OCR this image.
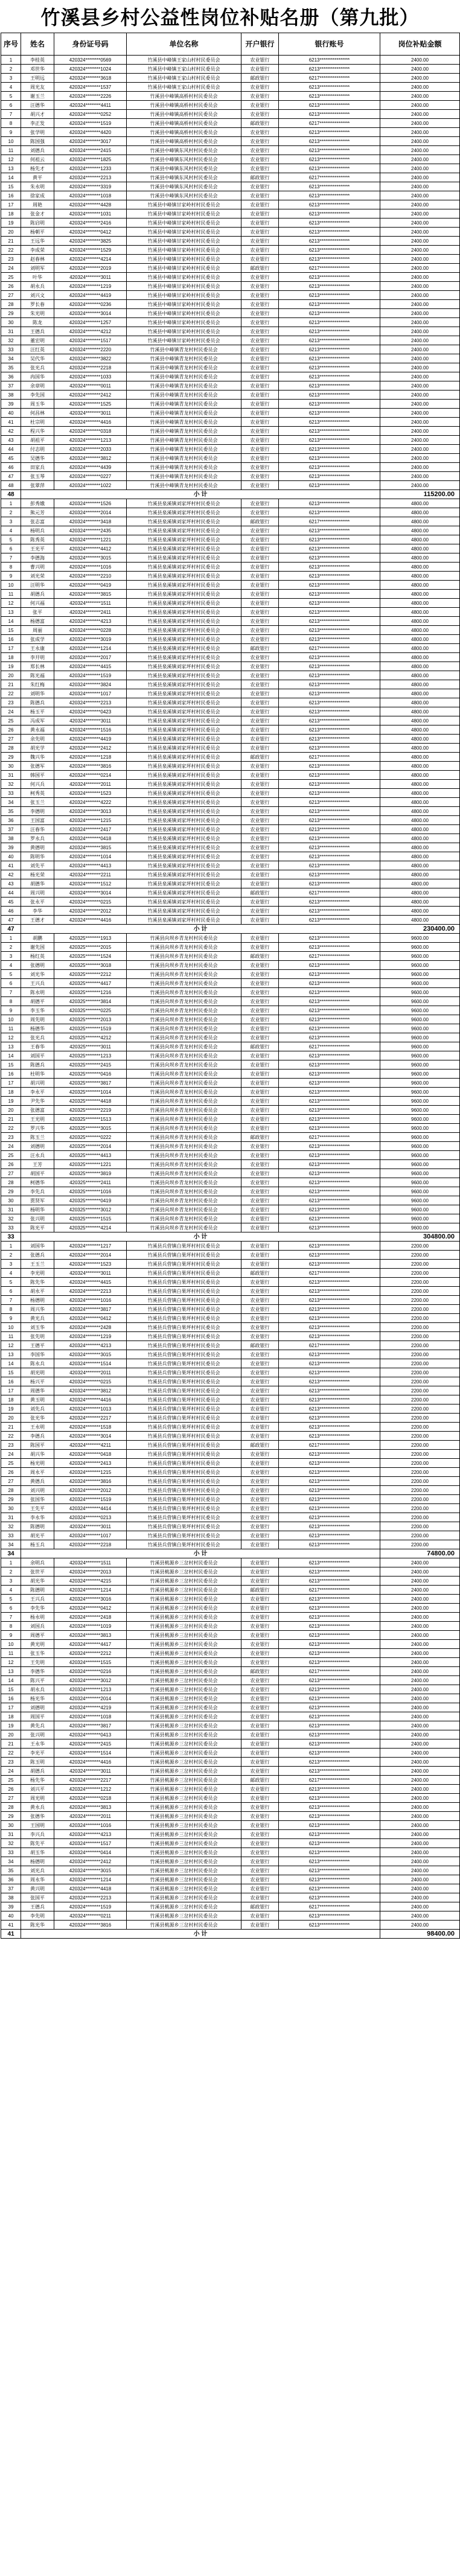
竹溪县乡村公益性岗位补贴名册（第九批）
序号	姓名	身份证号码	单位名称	开户银行	银行账号	岗位补贴金额
1	李桂英	420324********0569	竹溪县中峰镇王家山村村民委员会	农业银行	6213****************	2400.00
2	邓世华	420324********1024	竹溪县中峰镇王家山村村民委员会	农业银行	6213****************	2400.00
3	王明远	420324********3618	竹溪县中峰镇王家山村村民委员会	邮政银行	6217****************	2400.00
4	周光友	420324********1537	竹溪县中峰镇王家山村村民委员会	农业银行	6213****************	2400.00
5	谢玉兰	420324********2226	竹溪县中峰镇高桥村村民委员会	农业银行	6213****************	2400.00
6	汪德华	420324********4411	竹溪县中峰镇高桥村村民委员会	农业银行	6213****************	2400.00
7	胡兴才	420324********0252	竹溪县中峰镇高桥村村民委员会	农业银行	6213****************	2400.00
8	李正发	420324********1519	竹溪县中峰镇高桥村村民委员会	邮政银行	6217****************	2400.00
9	张学明	420324********4420	竹溪县中峰镇高桥村村民委员会	农业银行	6213****************	2400.00
10	陈国强	420324********3017	竹溪县中峰镇高桥村村民委员会	农业银行	6213****************	2400.00
11	刘德兵	420324********2415	竹溪县中峰镇东风村村民委员会	农业银行	6213****************	2400.00
12	何祖云	420324********1825	竹溪县中峰镇东风村村民委员会	农业银行	6213****************	2400.00
13	杨先才	420324********1233	竹溪县中峰镇东风村村民委员会	农业银行	6213****************	2400.00
14	黄平	420324********2213	竹溪县中峰镇东风村村民委员会	邮政银行	6217****************	2400.00
15	朱永明	420324********3319	竹溪县中峰镇东风村村民委员会	农业银行	6213****************	2400.00
16	徐家成	420324********1018	竹溪县中峰镇东风村村民委员会	农业银行	6213****************	2400.00
17	周艳	420324********4428	竹溪县中峰镇甘家岭村村民委员会	农业银行	6213****************	2400.00
18	张金才	420324********1031	竹溪县中峰镇甘家岭村村民委员会	农业银行	6213****************	2400.00
19	陈启明	420324********2416	竹溪县中峰镇甘家岭村村民委员会	农业银行	6213****************	2400.00
20	杨朝平	420324********0412	竹溪县中峰镇甘家岭村村民委员会	农业银行	6213****************	2400.00
21	王远华	420324********3825	竹溪县中峰镇甘家岭村村民委员会	农业银行	6213****************	2400.00
22	李成荣	420324********1529	竹溪县中峰镇甘家岭村村民委员会	农业银行	6213****************	2400.00
23	赵春林	420324********4214	竹溪县中峰镇甘家岭村村民委员会	农业银行	6213****************	2400.00
24	刘明军	420324********2019	竹溪县中峰镇甘家岭村村民委员会	邮政银行	6217****************	2400.00
25	叶华	420324********3011	竹溪县中峰镇甘家岭村村民委员会	农业银行	6213****************	2400.00
26	胡永兵	420324********1219	竹溪县中峰镇甘家岭村村民委员会	农业银行	6213****************	2400.00
27	刘兴文	420324********4419	竹溪县中峰镇甘家岭村村民委员会	农业银行	6213****************	2400.00
28	罗长春	420324********0236	竹溪县中峰镇甘家岭村村民委员会	农业银行	6213****************	2400.00
29	朱光明	420324********3014	竹溪县中峰镇甘家岭村村民委员会	农业银行	6213****************	2400.00
30	陈龙	420324********1257	竹溪县中峰镇甘家岭村村民委员会	农业银行	6213****************	2400.00
31	王德兵	420324********4212	竹溪县中峰镇甘家岭村村民委员会	农业银行	6213****************	2400.00
32	董宏明	420324********1517	竹溪县中峰镇甘家岭村村民委员会	农业银行	6213****************	2400.00
33	汪红英	420324********2220	竹溪县中峰镇青龙村村民委员会	农业银行	6213****************	2400.00
34	吴代华	420324********3822	竹溪县中峰镇青龙村村民委员会	农业银行	6213****************	2400.00
35	张光兵	420324********2218	竹溪县中峰镇青龙村村民委员会	农业银行	6213****************	2400.00
36	冉国华	420324********1033	竹溪县中峰镇青龙村村民委员会	农业银行	6213****************	2400.00
37	余章明	420324********0011	竹溪县中峰镇青龙村村民委员会	农业银行	6213****************	2400.00
38	李先国	420324********2412	竹溪县中峰镇青龙村村民委员会	农业银行	6213****************	2400.00
39	周玉华	420324********1525	竹溪县中峰镇青龙村村民委员会	农业银行	6213****************	2400.00
40	何昌林	420324********3011	竹溪县中峰镇青龙村村民委员会	农业银行	6213****************	2400.00
41	杜宗明	420324********4416	竹溪县中峰镇青龙村村民委员会	农业银行	6213****************	2400.00
42	程兴华	420324********0318	竹溪县中峰镇青龙村村民委员会	农业银行	6213****************	2400.00
43	胡祖平	420324********1213	竹溪县中峰镇青龙村村民委员会	农业银行	6213****************	2400.00
44	付志明	420324********2033	竹溪县中峰镇青龙村村民委员会	农业银行	6213****************	2400.00
45	吴德华	420324********3812	竹溪县中峰镇青龙村村民委员会	农业银行	6213****************	2400.00
46	田家兵	420324********4439	竹溪县中峰镇青龙村村民委员会	农业银行	6213****************	2400.00
47	张玉琴	420324********0227	竹溪县中峰镇青龙村村民委员会	农业银行	6213****************	2400.00
48	张翠萍	420324********1022	竹溪县中峰镇青龙村村民委员会	农业银行	6213****************	2400.00
48	小 计					115200.00
1	彭秀娥	420324********1526	竹溪县泉溪镇刘家坪村村民委员会	农业银行	6213****************	4800.00
2	熊元芳	420324********2014	竹溪县泉溪镇刘家坪村村民委员会	农业银行	6213****************	4800.00
3	张志富	420324********3418	竹溪县泉溪镇刘家坪村村民委员会	邮政银行	6217****************	4800.00
4	杨明兵	420324********2435	竹溪县泉溪镇刘家坪村村民委员会	农业银行	6213****************	4800.00
5	陈秀英	420324********1221	竹溪县泉溪镇刘家坪村村民委员会	农业银行	6213****************	4800.00
6	王光平	420324********4412	竹溪县泉溪镇刘家坪村村民委员会	农业银行	6213****************	4800.00
7	李德海	420324********3015	竹溪县泉溪镇刘家坪村村民委员会	农业银行	6213****************	4800.00
8	曹兴明	420324********1016	竹溪县泉溪镇刘家坪村村民委员会	农业银行	6213****************	4800.00
9	刘光荣	420324********2210	竹溪县泉溪镇刘家坪村村民委员会	农业银行	6213****************	4800.00
10	汪明华	420324********0419	竹溪县泉溪镇刘家坪村村民委员会	农业银行	6213****************	4800.00
11	胡德兵	420324********3815	竹溪县泉溪镇刘家坪村村民委员会	农业银行	6213****************	4800.00
12	何兴福	420324********1511	竹溪县泉溪镇刘家坪村村民委员会	农业银行	6213****************	4800.00
13	张平	420324********2411	竹溪县泉溪镇刘家坪村村民委员会	农业银行	6213****************	4800.00
14	杨德富	420324********4213	竹溪县泉溪镇刘家坪村村民委员会	农业银行	6213****************	4800.00
15	周丽	420324********0228	竹溪县泉溪镇刘家坪村村民委员会	农业银行	6213****************	4800.00
16	张成学	420324********3019	竹溪县泉溪镇刘家坪村村民委员会	农业银行	6213****************	4800.00
17	王永康	420324********1214	竹溪县泉溪镇刘家坪村村民委员会	邮政银行	6217****************	4800.00
18	李开明	420324********2017	竹溪县泉溪镇刘家坪村村民委员会	农业银行	6213****************	4800.00
19	郑长林	420324********4415	竹溪县泉溪镇刘家坪村村民委员会	农业银行	6213****************	4800.00
20	陈光福	420324********1519	竹溪县泉溪镇刘家坪村村民委员会	农业银行	6213****************	4800.00
21	朱红梅	420324********3824	竹溪县泉溪镇刘家坪村村民委员会	农业银行	6213****************	4800.00
22	刘明华	420324********1017	竹溪县泉溪镇刘家坪村村民委员会	农业银行	6213****************	4800.00
23	陈德兵	420324********2213	竹溪县泉溪镇刘家坪村村民委员会	农业银行	6213****************	4800.00
24	杨玉平	420324********0423	竹溪县泉溪镇刘家坪村村民委员会	农业银行	6213****************	4800.00
25	冯成军	420324********3011	竹溪县泉溪镇刘家坪村村民委员会	农业银行	6213****************	4800.00
26	黄永福	420324********1516	竹溪县泉溪镇刘家坪村村民委员会	农业银行	6213****************	4800.00
27	余先明	420324********4419	竹溪县泉溪镇刘家坪村村民委员会	农业银行	6213****************	4800.00
28	胡光学	420324********2412	竹溪县泉溪镇刘家坪村村民委员会	农业银行	6213****************	4800.00
29	魏兴华	420324********1218	竹溪县泉溪镇刘家坪村村民委员会	邮政银行	6217****************	4800.00
30	张德军	420324********3816	竹溪县泉溪镇刘家坪村村民委员会	农业银行	6213****************	4800.00
31	韩国平	420324********0214	竹溪县泉溪镇刘家坪村村民委员会	农业银行	6213****************	4800.00
32	何兴兵	420324********2011	竹溪县泉溪镇刘家坪村村民委员会	农业银行	6213****************	4800.00
33	柯秀英	420324********1523	竹溪县泉溪镇刘家坪村村民委员会	农业银行	6213****************	4800.00
34	张玉兰	420324********4222	竹溪县泉溪镇刘家坪村村民委员会	农业银行	6213****************	4800.00
35	李德明	420324********3013	竹溪县泉溪镇刘家坪村村民委员会	农业银行	6213****************	4800.00
36	王国富	420324********1215	竹溪县泉溪镇刘家坪村村民委员会	农业银行	6213****************	4800.00
37	汪春华	420324********2417	竹溪县泉溪镇刘家坪村村民委员会	农业银行	6213****************	4800.00
38	罗永兵	420324********0418	竹溪县泉溪镇刘家坪村村民委员会	农业银行	6213****************	4800.00
39	黄德明	420324********3815	竹溪县泉溪镇刘家坪村村民委员会	农业银行	6213****************	4800.00
40	陈明华	420324********1014	竹溪县泉溪镇刘家坪村村民委员会	农业银行	6213****************	4800.00
41	刘先平	420324********4413	竹溪县泉溪镇刘家坪村村民委员会	农业银行	6213****************	4800.00
42	杨光荣	420324********2211	竹溪县泉溪镇刘家坪村村民委员会	农业银行	6213****************	4800.00
43	胡德华	420324********1512	竹溪县泉溪镇刘家坪村村民委员会	农业银行	6213****************	4800.00
44	周兴明	420324********3014	竹溪县泉溪镇刘家坪村村民委员会	邮政银行	6217****************	4800.00
45	张永平	420324********0215	竹溪县泉溪镇刘家坪村村民委员会	农业银行	6213****************	4800.00
46	李华	420324********2012	竹溪县泉溪镇刘家坪村村民委员会	农业银行	6213****************	4800.00
47	王德才	420324********4416	竹溪县泉溪镇刘家坪村村民委员会	农业银行	6213****************	4800.00
47	小 计					230400.00
1	胡鹏	420325********1913	竹溪县向坝乡青龙村村民委员会	农业银行	6213****************	9600.00
2	谢先国	420325********2015	竹溪县向坝乡青龙村村民委员会	农业银行	6213****************	9600.00
3	杨红英	420325********1524	竹溪县向坝乡青龙村村民委员会	邮政银行	6217****************	9600.00
4	张德明	420325********3018	竹溪县向坝乡青龙村村民委员会	农业银行	6213****************	9600.00
5	刘光华	420325********2212	竹溪县向坝乡青龙村村民委员会	农业银行	6213****************	9600.00
6	王兴兵	420325********4417	竹溪县向坝乡青龙村村民委员会	农业银行	6213****************	9600.00
7	陈永明	420325********1216	竹溪县向坝乡青龙村村民委员会	农业银行	6213****************	9600.00
8	胡德平	420325********3814	竹溪县向坝乡青龙村村民委员会	农业银行	6213****************	9600.00
9	李玉华	420325********0225	竹溪县向坝乡青龙村村民委员会	农业银行	6213****************	9600.00
10	周先明	420325********2013	竹溪县向坝乡青龙村村民委员会	农业银行	6213****************	9600.00
11	杨德华	420325********1519	竹溪县向坝乡青龙村村民委员会	农业银行	6213****************	9600.00
12	张光兵	420325********4212	竹溪县向坝乡青龙村村民委员会	农业银行	6213****************	9600.00
13	王春华	420325********3011	竹溪县向坝乡青龙村村民委员会	邮政银行	6217****************	9600.00
14	刘国平	420325********1213	竹溪县向坝乡青龙村村民委员会	农业银行	6213****************	9600.00
15	陈德兵	420325********2415	竹溪县向坝乡青龙村村民委员会	农业银行	6213****************	9600.00
16	杜明华	420325********0416	竹溪县向坝乡青龙村村民委员会	农业银行	6213****************	9600.00
17	胡兴明	420325********3817	竹溪县向坝乡青龙村村民委员会	农业银行	6213****************	9600.00
18	李永平	420325********1014	竹溪县向坝乡青龙村村民委员会	农业银行	6213****************	9600.00
19	尹先华	420325********4418	竹溪县向坝乡青龙村村民委员会	农业银行	6213****************	9600.00
20	张德富	420325********2219	竹溪县向坝乡青龙村村民委员会	农业银行	6213****************	9600.00
21	王光明	420325********1513	竹溪县向坝乡青龙村村民委员会	农业银行	6213****************	9600.00
22	罗兴华	420325********3015	竹溪县向坝乡青龙村村民委员会	农业银行	6213****************	9600.00
23	陈玉兰	420325********0222	竹溪县向坝乡青龙村村民委员会	邮政银行	6217****************	9600.00
24	刘德明	420325********2014	竹溪县向坝乡青龙村村民委员会	农业银行	6213****************	9600.00
25	汪永兵	420325********4413	竹溪县向坝乡青龙村村民委员会	农业银行	6213****************	9600.00
26	王芳	420325********1221	竹溪县向坝乡青龙村村民委员会	农业银行	6213****************	9600.00
27	胡国平	420325********3819	竹溪县向坝乡青龙村村民委员会	农业银行	6213****************	9600.00
28	柯德华	420325********2411	竹溪县向坝乡青龙村村民委员会	农业银行	6213****************	9600.00
29	李先兵	420325********1016	竹溪县向坝乡青龙村村民委员会	农业银行	6213****************	9600.00
30	贾贤军	420325********0419	竹溪县向坝乡青龙村村民委员会	农业银行	6213****************	9600.00
31	杨明华	420325********3012	竹溪县向坝乡青龙村村民委员会	农业银行	6213****************	9600.00
32	张兴明	420325********1515	竹溪县向坝乡青龙村村民委员会	农业银行	6213****************	9600.00
33	陈光平	420325********4214	竹溪县向坝乡青龙村村民委员会	农业银行	6213****************	9600.00
33	小 计					304800.00
1	刘国华	420324********1217	竹溪县兵营镇白果坪村村民委员会	农业银行	6213****************	2200.00
2	张德兵	420324********2014	竹溪县兵营镇白果坪村村民委员会	农业银行	6213****************	2200.00
3	王玉兰	420324********1523	竹溪县兵营镇白果坪村村民委员会	农业银行	6213****************	2200.00
4	李光明	420324********3011	竹溪县兵营镇白果坪村村民委员会	邮政银行	6217****************	2200.00
5	陈先华	420324********4415	竹溪县兵营镇白果坪村村民委员会	农业银行	6213****************	2200.00
6	胡永平	420324********2213	竹溪县兵营镇白果坪村村民委员会	农业银行	6213****************	2200.00
7	杨德明	420324********1016	竹溪县兵营镇白果坪村村民委员会	农业银行	6213****************	2200.00
8	周兴华	420324********3817	竹溪县兵营镇白果坪村村民委员会	农业银行	6213****************	2200.00
9	黄光兵	420324********0412	竹溪县兵营镇白果坪村村民委员会	农业银行	6213****************	2200.00
10	刘玉华	420324********2428	竹溪县兵营镇白果坪村村民委员会	农业银行	6213****************	2200.00
11	张先明	420324********1219	竹溪县兵营镇白果坪村村民委员会	农业银行	6213****************	2200.00
12	王德平	420324********4213	竹溪县兵营镇白果坪村村民委员会	邮政银行	6217****************	2200.00
13	李国华	420324********3015	竹溪县兵营镇白果坪村村民委员会	农业银行	6213****************	2200.00
14	陈永兵	420324********1514	竹溪县兵营镇白果坪村村民委员会	农业银行	6213****************	2200.00
15	胡光明	420324********2011	竹溪县兵营镇白果坪村村民委员会	农业银行	6213****************	2200.00
16	杨兴平	420324********0215	竹溪县兵营镇白果坪村村民委员会	农业银行	6213****************	2200.00
17	周德华	420324********3812	竹溪县兵营镇白果坪村村民委员会	农业银行	6213****************	2200.00
18	黄玉明	420324********4416	竹溪县兵营镇白果坪村村民委员会	农业银行	6213****************	2200.00
19	刘先兵	420324********1013	竹溪县兵营镇白果坪村村民委员会	农业银行	6213****************	2200.00
20	张光华	420324********2217	竹溪县兵营镇白果坪村村民委员会	农业银行	6213****************	2200.00
21	王永明	420324********1518	竹溪县兵营镇白果坪村村民委员会	农业银行	6213****************	2200.00
22	李德兵	420324********3014	竹溪县兵营镇白果坪村村民委员会	农业银行	6213****************	2200.00
23	陈国平	420324********4211	竹溪县兵营镇白果坪村村民委员会	邮政银行	6217****************	2200.00
24	胡兴华	420324********0418	竹溪县兵营镇白果坪村村民委员会	农业银行	6213****************	2200.00
25	杨光明	420324********2413	竹溪县兵营镇白果坪村村民委员会	农业银行	6213****************	2200.00
26	周永平	420324********1215	竹溪县兵营镇白果坪村村民委员会	农业银行	6213****************	2200.00
27	黄德兵	420324********3816	竹溪县兵营镇白果坪村村民委员会	农业银行	6213****************	2200.00
28	刘兴明	420324********2012	竹溪县兵营镇白果坪村村民委员会	农业银行	6213****************	2200.00
29	张国华	420324********1519	竹溪县兵营镇白果坪村村民委员会	农业银行	6213****************	2200.00
30	王先平	420324********4414	竹溪县兵营镇白果坪村村民委员会	农业银行	6213****************	2200.00
31	李永华	420324********0213	竹溪县兵营镇白果坪村村民委员会	农业银行	6213****************	2200.00
32	陈德明	420324********3011	竹溪县兵营镇白果坪村村民委员会	农业银行	6213****************	2200.00
33	胡光平	420324********1017	竹溪县兵营镇白果坪村村民委员会	农业银行	6213****************	2200.00
34	杨玉兵	420324********2218	竹溪县兵营镇白果坪村村民委员会	农业银行	6213****************	2200.00
34	小 计					74800.00
1	余明兵	420324********1511	竹溪县桃源乡三岔村村民委员会	农业银行	6213****************	2400.00
2	张世平	420324********2013	竹溪县桃源乡三岔村村民委员会	农业银行	6213****************	2400.00
3	胡光华	420324********4215	竹溪县桃源乡三岔村村民委员会	农业银行	6213****************	2400.00
4	陈德明	420324********1214	竹溪县桃源乡三岔村村民委员会	邮政银行	6217****************	2400.00
5	王兴兵	420324********3016	竹溪县桃源乡三岔村村民委员会	农业银行	6213****************	2400.00
6	李先华	420324********0412	竹溪县桃源乡三岔村村民委员会	农业银行	6213****************	2400.00
7	杨永明	420324********2418	竹溪县桃源乡三岔村村民委员会	农业银行	6213****************	2400.00
8	刘国兵	420324********1019	竹溪县桃源乡三岔村村民委员会	农业银行	6213****************	2400.00
9	周德平	420324********3813	竹溪县桃源乡三岔村村民委员会	农业银行	6213****************	2400.00
10	黄光明	420324********4417	竹溪县桃源乡三岔村村民委员会	农业银行	6213****************	2400.00
11	张玉华	420324********2212	竹溪县桃源乡三岔村村民委员会	农业银行	6213****************	2400.00
12	王先明	420324********1515	竹溪县桃源乡三岔村村民委员会	农业银行	6213****************	2400.00
13	李德华	420324********0216	竹溪县桃源乡三岔村村民委员会	邮政银行	6217****************	2400.00
14	陈兴平	420324********3012	竹溪县桃源乡三岔村村民委员会	农业银行	6213****************	2400.00
15	胡永兵	420324********1213	竹溪县桃源乡三岔村村民委员会	农业银行	6213****************	2400.00
16	杨光华	420324********2014	竹溪县桃源乡三岔村村民委员会	农业银行	6213****************	2400.00
17	刘德明	420324********4219	竹溪县桃源乡三岔村村民委员会	农业银行	6213****************	2400.00
18	周国平	420324********1018	竹溪县桃源乡三岔村村民委员会	农业银行	6213****************	2400.00
19	黄先兵	420324********3817	竹溪县桃源乡三岔村村民委员会	农业银行	6213****************	2400.00
20	张兴明	420324********0413	竹溪县桃源乡三岔村村民委员会	农业银行	6213****************	2400.00
21	王永华	420324********2415	竹溪县桃源乡三岔村村民委员会	农业银行	6213****************	2400.00
22	李光平	420324********1514	竹溪县桃源乡三岔村村民委员会	农业银行	6213****************	2400.00
23	陈玉明	420324********4416	竹溪县桃源乡三岔村村民委员会	农业银行	6213****************	2400.00
24	胡德兵	420324********3011	竹溪县桃源乡三岔村村民委员会	农业银行	6213****************	2400.00
25	杨先华	420324********2217	竹溪县桃源乡三岔村村民委员会	邮政银行	6217****************	2400.00
26	刘兴平	420324********1212	竹溪县桃源乡三岔村村民委员会	农业银行	6213****************	2400.00
27	周光明	420324********0218	竹溪县桃源乡三岔村村民委员会	农业银行	6213****************	2400.00
28	黄永兵	420324********3813	竹溪县桃源乡三岔村村民委员会	农业银行	6213****************	2400.00
29	张德华	420324********2011	竹溪县桃源乡三岔村村民委员会	农业银行	6213****************	2400.00
30	王国明	420324********1016	竹溪县桃源乡三岔村村民委员会	农业银行	6213****************	2400.00
31	李兴兵	420324********4213	竹溪县桃源乡三岔村村民委员会	农业银行	6213****************	2400.00
32	陈先平	420324********1517	竹溪县桃源乡三岔村村民委员会	农业银行	6213****************	2400.00
33	胡玉华	420324********0414	竹溪县桃源乡三岔村村民委员会	农业银行	6213****************	2400.00
34	杨德明	420324********2412	竹溪县桃源乡三岔村村民委员会	农业银行	6213****************	2400.00
35	刘光兵	420324********3015	竹溪县桃源乡三岔村村民委员会	农业银行	6213****************	2400.00
36	周永华	420324********1214	竹溪县桃源乡三岔村村民委员会	农业银行	6213****************	2400.00
37	黄兴明	420324********4418	竹溪县桃源乡三岔村村民委员会	农业银行	6213****************	2400.00
38	张国平	420324********2213	竹溪县桃源乡三岔村村民委员会	农业银行	6213****************	2400.00
39	王德兵	420324********1519	竹溪县桃源乡三岔村村民委员会	邮政银行	6217****************	2400.00
40	李先明	420324********0211	竹溪县桃源乡三岔村村民委员会	农业银行	6213****************	2400.00
41	陈光华	420324********3816	竹溪县桃源乡三岔村村民委员会	农业银行	6213****************	2400.00
41	小 计					98400.00
